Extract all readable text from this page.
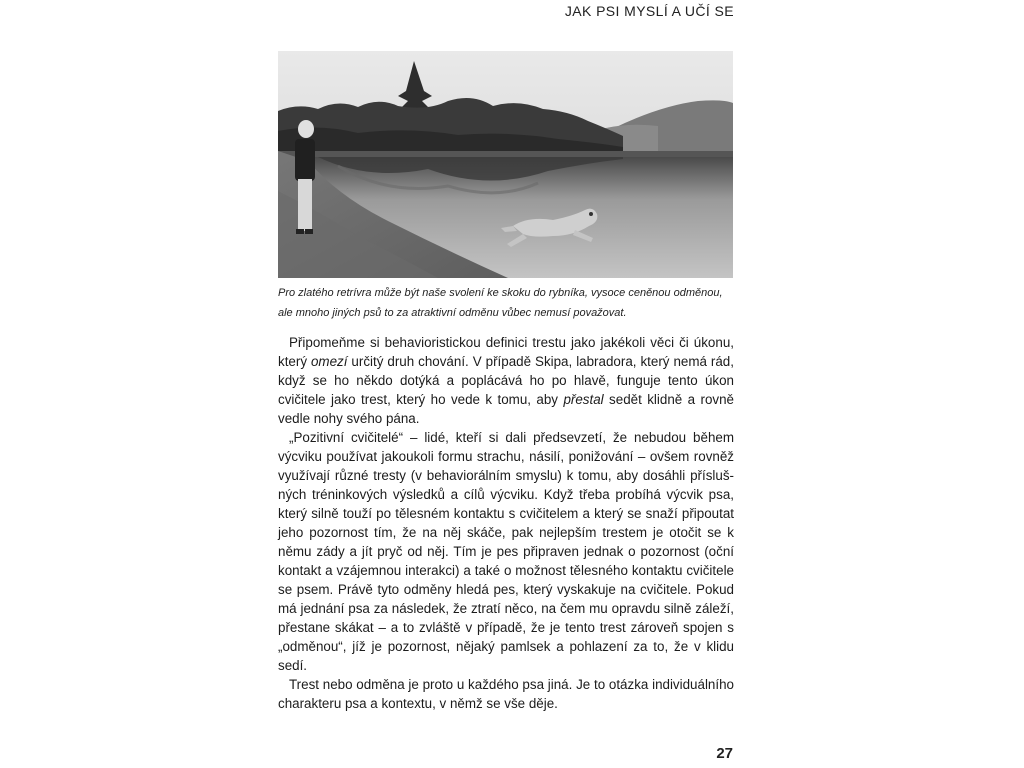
JAK PSI MYSLÍ A UČÍ SE
Pro zlatého retrívra může být naše svolení ke skoku do rybníka, vysoce ceněnou odměnou, ale mnoho jiných psů to za atraktivní odměnu vůbec nemusí považovat.

Připomeňme si behavioristickou definici trestu jako jakékoli věci či úkonu, který omezí určitý druh chování. V případě Skipa, labradora, který nemá rád, když se ho někdo dotýká a poplácává ho po hlavě, funguje tento úkon cvičitele jako trest, který ho vede k tomu, aby přestal sedět klidně a rovně vedle nohy svého pána.

„Pozitivní cvičitelé“ – lidé, kteří si dali předsevzetí, že nebudou během výcviku používat jakoukoli formu strachu, násilí, ponižování – ovšem rovněž využívají různé tresty (v behaviorálním smyslu) k tomu, aby dosáhli příslušných tréninkových výsledků a cílů výcviku. Když třeba probíhá výcvik psa, který silně touží po tělesném kontaktu s cvičitelem a který se snaží připoutat jeho pozornost tím, že na něj skáče, pak nejlepším trestem je otočit se k němu zády a jít pryč od něj. Tím je pes připraven jednak o pozornost (oční kontakt a vzájemnou interakci) a také o možnost tělesného kontaktu cvičitele se psem. Právě tyto odměny hledá pes, který vyskakuje na cvičitele. Pokud má jednání psa za následek, že ztratí něco, na čem mu opravdu silně záleží, přestane skákat – a to zvláště v případě, že je tento trest zároveň spojen s „odměnou“, jíž je pozornost, nějaký pamlsek a pohlazení za to, že v klidu sedí.

Trest nebo odměna je proto u každého psa jiná. Je to otázka individuálního charakteru psa a kontextu, v němž se vše děje.

27
